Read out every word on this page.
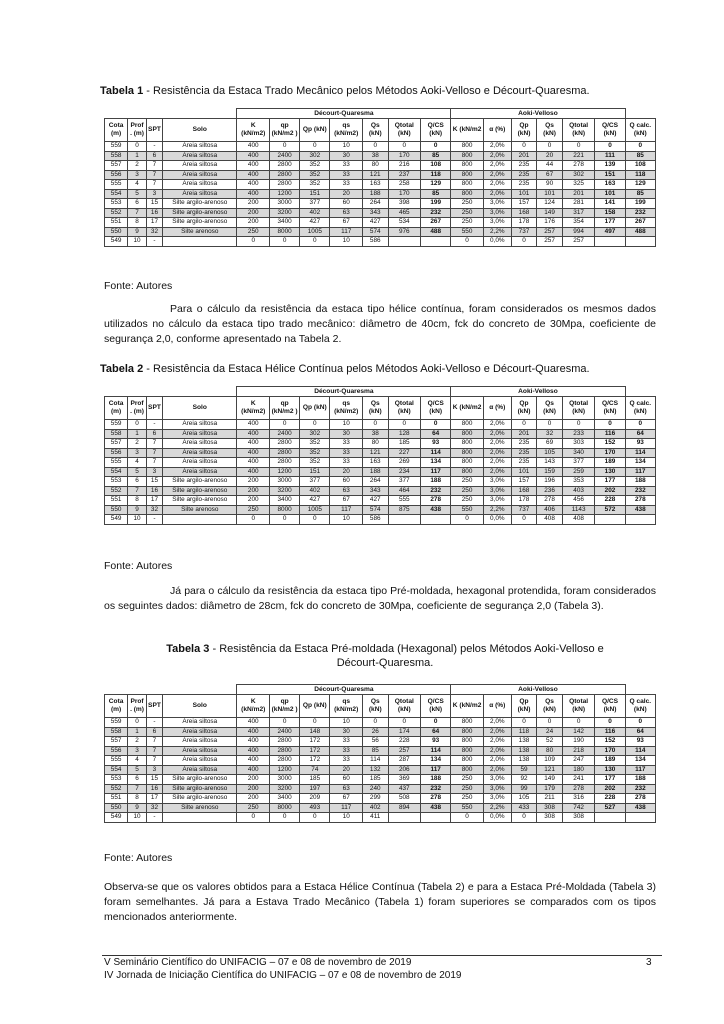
Tabela 1 - Resistência da Estaca Trado Mecânico pelos Métodos Aoki-Velloso e Décourt-Quaresma.
				Décourt-Quaresma							Aoki-Velloso						
Cota (m)	Prof . (m)	SPT	Solo	K (kN/m2)	qp (kN/m2 )	Qp (kN)	qs (kN/m2)	Qs (kN)	Qtotal (kN)	Q/CS (kN)	K (kN/m2	α (%)	Qp (kN)	Qs (kN)	Qtotal (kN)	Q/CS (kN)	Q calc. (kN)
559	0	-	Areia siltosa	400	0	0	10	0	0	0	800	2,0%	0	0	0	0	0
558	1	6	Areia siltosa	400	2400	302	30	38	170	85	800	2,0%	201	20	221	111	85
557	2	7	Areia siltosa	400	2800	352	33	80	216	108	800	2,0%	235	44	278	139	108
556	3	7	Areia siltosa	400	2800	352	33	121	237	118	800	2,0%	235	67	302	151	118
555	4	7	Areia siltosa	400	2800	352	33	163	258	129	800	2,0%	235	90	325	163	129
554	5	3	Areia siltosa	400	1200	151	20	188	170	85	800	2,0%	101	101	201	101	85
553	6	15	Silte argilo-arenoso	200	3000	377	60	264	398	199	250	3,0%	157	124	281	141	199
552	7	16	Silte argilo-arenoso	200	3200	402	63	343	465	232	250	3,0%	168	149	317	158	232
551	8	17	Silte argilo-arenoso	200	3400	427	67	427	534	267	250	3,0%	178	176	354	177	267
550	9	32	Silte arenoso	250	8000	1005	117	574	976	488	550	2,2%	737	257	994	497	488
549	10	-		0	0	0	10	586			0	0,0%	0	257	257		
Fonte: Autores
Para o cálculo da resistência da estaca tipo hélice contínua, foram considerados os mesmos dados utilizados no cálculo da estaca tipo trado mecânico: diâmetro de 40cm, fck do concreto de 30Mpa, coeficiente de segurança 2,0, conforme apresentado na Tabela 2.
Tabela 2 - Resistência da Estaca Hélice Contínua pelos Métodos Aoki-Velloso e Décourt-Quaresma.
				Décourt-Quaresma							Aoki-Velloso						
Cota (m)	Prof . (m)	SPT	Solo	K (kN/m2)	qp (kN/m2 )	Qp (kN)	qs (kN/m2)	Qs (kN)	Qtotal (kN)	Q/CS (kN)	K (kN/m2	α (%)	Qp (kN)	Qs (kN)	Qtotal (kN)	Q/CS (kN)	Q calc. (kN)
559	0	-	Areia siltosa	400	0	0	10	0	0	0	800	2,0%	0	0	0	0	0
558	1	6	Areia siltosa	400	2400	302	30	38	128	64	800	2,0%	201	32	233	116	64
557	2	7	Areia siltosa	400	2800	352	33	80	185	93	800	2,0%	235	69	303	152	93
556	3	7	Areia siltosa	400	2800	352	33	121	227	114	800	2,0%	235	105	340	170	114
555	4	7	Areia siltosa	400	2800	352	33	163	269	134	800	2,0%	235	143	377	189	134
554	5	3	Areia siltosa	400	1200	151	20	188	234	117	800	2,0%	101	159	259	130	117
553	6	15	Silte argilo-arenoso	200	3000	377	60	264	377	188	250	3,0%	157	196	353	177	188
552	7	16	Silte argilo-arenoso	200	3200	402	63	343	464	232	250	3,0%	168	236	403	202	232
551	8	17	Silte argilo-arenoso	200	3400	427	67	427	555	278	250	3,0%	178	278	456	228	278
550	9	32	Silte arenoso	250	8000	1005	117	574	875	438	550	2,2%	737	406	1143	572	438
549	10	-		0	0	0	10	586			0	0,0%	0	408	408		
Fonte: Autores
Já para o cálculo da resistência da estaca tipo Pré-moldada, hexagonal protendida, foram considerados os seguintes dados: diâmetro de 28cm, fck do concreto de 30Mpa, coeficiente de segurança 2,0 (Tabela 3).
Tabela 3 - Resistência da Estaca Pré-moldada (Hexagonal) pelos Métodos Aoki-Velloso e Décourt-Quaresma.
				Décourt-Quaresma							Aoki-Velloso						
Cota (m)	Prof . (m)	SPT	Solo	K (kN/m2)	qp (kN/m2 )	Qp (kN)	qs (kN/m2)	Qs (kN)	Qtotal (kN)	Q/CS (kN)	K (kN/m2	α (%)	Qp (kN)	Qs (kN)	Qtotal (kN)	Q/CS (kN)	Q calc. (kN)
559	0	-	Areia siltosa	400	0	0	10	0	0	0	800	2,0%	0	0	0	0	0
558	1	6	Areia siltosa	400	2400	148	30	26	174	64	800	2,0%	118	24	142	116	64
557	2	7	Areia siltosa	400	2800	172	33	56	228	93	800	2,0%	138	52	190	152	93
556	3	7	Areia siltosa	400	2800	172	33	85	257	114	800	2,0%	138	80	218	170	114
555	4	7	Areia siltosa	400	2800	172	33	114	287	134	800	2,0%	138	109	247	189	134
554	5	3	Areia siltosa	400	1200	74	20	132	206	117	800	2,0%	59	121	180	130	117
553	6	15	Silte argilo-arenoso	200	3000	185	60	185	369	188	250	3,0%	92	149	241	177	188
552	7	16	Silte argilo-arenoso	200	3200	197	63	240	437	232	250	3,0%	99	179	278	202	232
551	8	17	Silte argilo-arenoso	200	3400	209	67	299	508	278	250	3,0%	105	211	316	228	278
550	9	32	Silte arenoso	250	8000	493	117	402	894	438	550	2,2%	433	308	742	527	438
549	10	-		0	0	0	10	411			0	0,0%	0	308	308		
Fonte: Autores
Observa-se que os valores obtidos para a Estaca Hélice Contínua (Tabela 2) e para a Estaca Pré-Moldada (Tabela 3) foram semelhantes. Já para a Estava Trado Mecânico (Tabela 1) foram superiores se comparados com os tipos mencionados anteriormente.
V Seminário Científico do UNIFACIG – 07 e 08 de novembro de 2019
IV Jornada de Iniciação Científica do UNIFACIG – 07 e 08 de novembro de 2019
3
